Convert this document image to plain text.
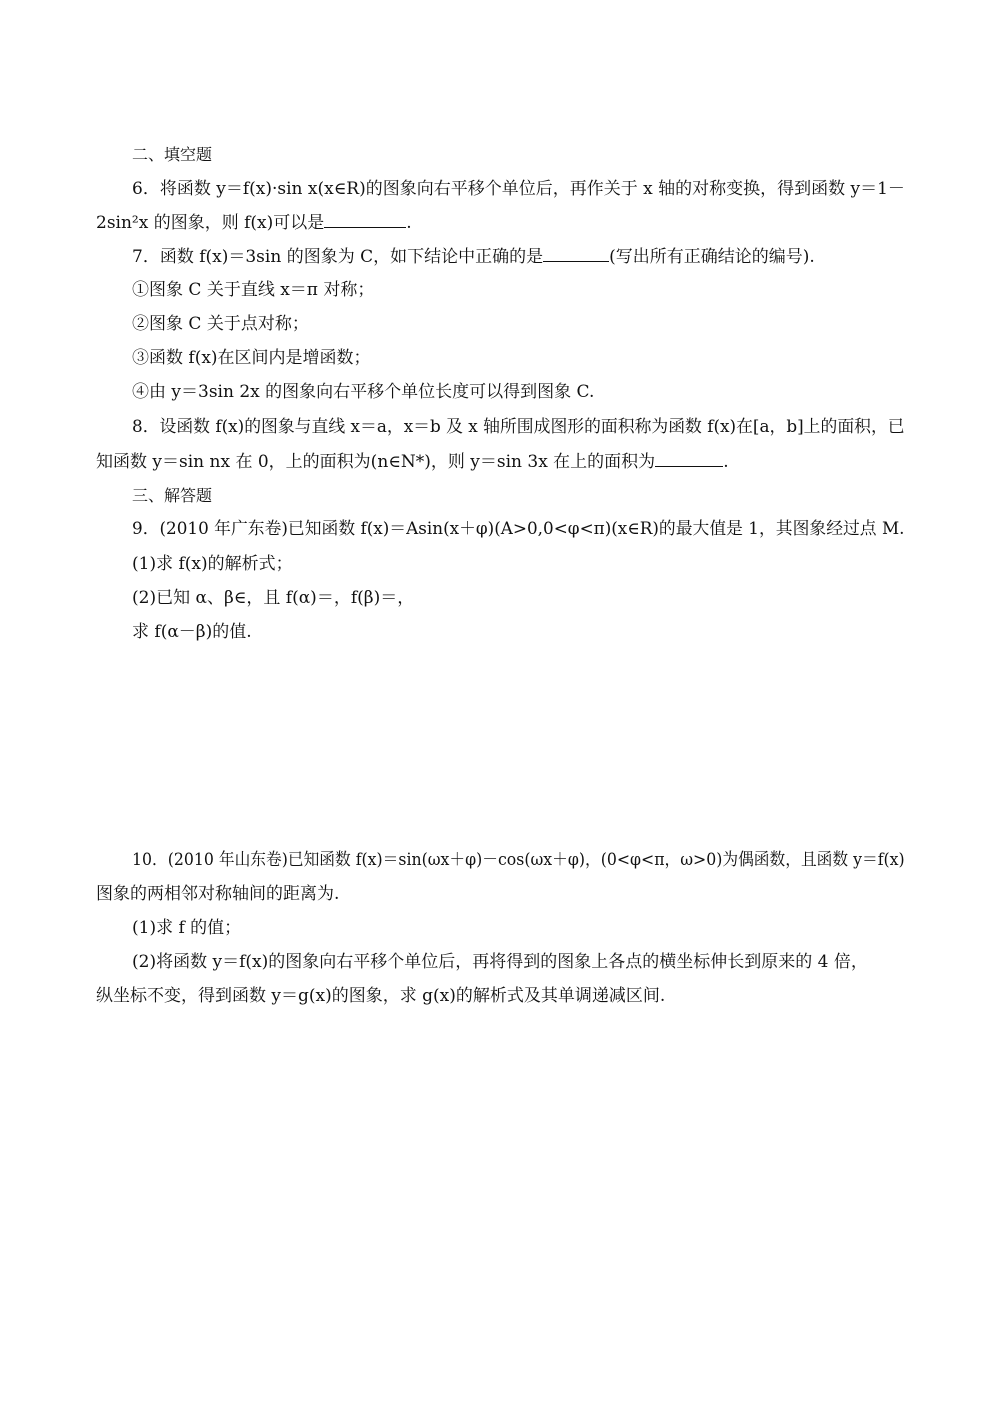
二、填空题
6．将函数 y＝f(x)·sin x(x∈R)的图象向右平移个单位后，再作关于 x 轴的对称变换，得到函数 y＝1－
2sin²x 的图象，则 f(x)可以是	.
7．函数 f(x)＝3sin 的图象为 C，如下结论中正确的是	(写出所有正确结论的编号).
①图象 C 关于直线 x＝π 对称；
②图象 C 关于点对称；
③函数 f(x)在区间内是增函数；
④由 y＝3sin 2x 的图象向右平移个单位长度可以得到图象 C.
8．设函数 f(x)的图象与直线 x＝a，x＝b 及 x 轴所围成图形的面积称为函数 f(x)在[a，b]上的面积，已
知函数 y＝sin nx 在 0，上的面积为(n∈N*)，则 y＝sin 3x 在上的面积为	.
三、解答题
9．(2010 年广东卷)已知函数 f(x)＝Asin(x＋φ)(A>0,0<φ<π)(x∈R)的最大值是 1，其图象经过点 M.
(1)求 f(x)的解析式；
(2)已知 α、β∈，且 f(α)＝，f(β)＝，
求 f(α－β)的值.
10．(2010 年山东卷)已知函数 f(x)＝sin(ωx＋φ)－cos(ωx＋φ)，(0<φ<π，ω>0)为偶函数，且函数 y＝f(x)
图象的两相邻对称轴间的距离为.
(1)求 f 的值；
(2)将函数 y＝f(x)的图象向右平移个单位后，再将得到的图象上各点的横坐标伸长到原来的 4 倍，
纵坐标不变，得到函数 y＝g(x)的图象，求 g(x)的解析式及其单调递减区间.
